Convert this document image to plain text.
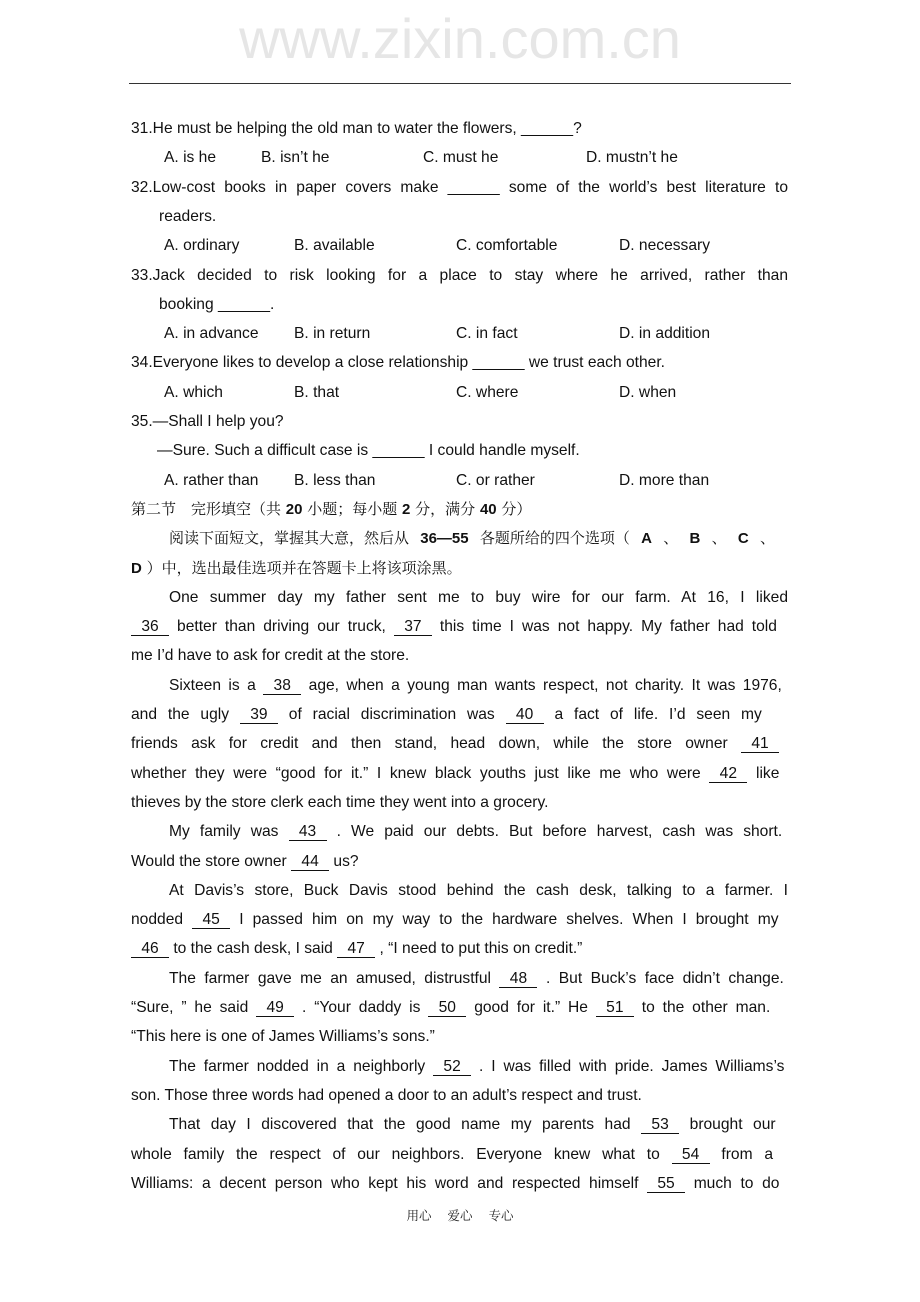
www.zixin.com.cn
31.He must be helping the old man to water the flowers, ______?
A. is he	B. isn’t he	C. must he	D. mustn’t he
32.Low-cost books in paper covers make ______ some of the world’s best literature to
readers.
A. ordinary	B. available	C. comfortable	D. necessary
33.Jack decided to risk looking for a place to stay where he arrived, rather than
booking ______.
A. in advance B. in return	C. in fact	D. in addition
34.Everyone likes to develop a close relationship ______ we trust each other.
A. which	B. that	C. where	D. when
35.—Shall I help you?
—Sure. Such a difficult case is ______ I could handle myself.
A. rather than B. less than	C. or rather	D. more than
第二节　完形填空（共 20 小题；每小题 2 分，满分 40 分）
阅读下面短文，掌握其大意，然后从 36—55 各题所给的四个选项（ A 、 B 、 C 、
D ）中，选出最佳选项并在答题卡上将该项涂黑。
One summer day my father sent me to buy wire for our farm. At 16, I liked
36 better than driving our truck, 37 this time I was not happy. My father had told
me I’d have to ask for credit at the store.
Sixteen is a 38 age, when a young man wants respect, not charity. It was 1976,
and the ugly 39 of racial discrimination was 40 a fact of life. I’d seen my
friends ask for credit and then stand, head down, while the store owner 41
whether they were “good for it.” I knew black youths just like me who were 42 like
thieves by the store clerk each time they went into a grocery.
My family was 43 . We paid our debts. But before harvest, cash was short.
Would the store owner 44 us?
At Davis’s store, Buck Davis stood behind the cash desk, talking to a farmer. I
nodded 45 I passed him on my way to the hardware shelves. When I brought my
46 to the cash desk, I said 47 , “I need to put this on credit.”
The farmer gave me an amused, distrustful 48 . But Buck’s face didn’t change.
“Sure, ” he said 49 . “Your daddy is 50 good for it.” He 51 to the other man.
“This here is one of James Williams’s sons.”
The farmer nodded in a neighborly 52 . I was filled with pride. James Williams’s
son. Those three words had opened a door to an adult’s respect and trust.
That day I discovered that the good name my parents had 53 brought our
whole family the respect of our neighbors. Everyone knew what to 54 from a
Williams: a decent person who kept his word and respected himself 55 much to do
用心 爱心 专心
